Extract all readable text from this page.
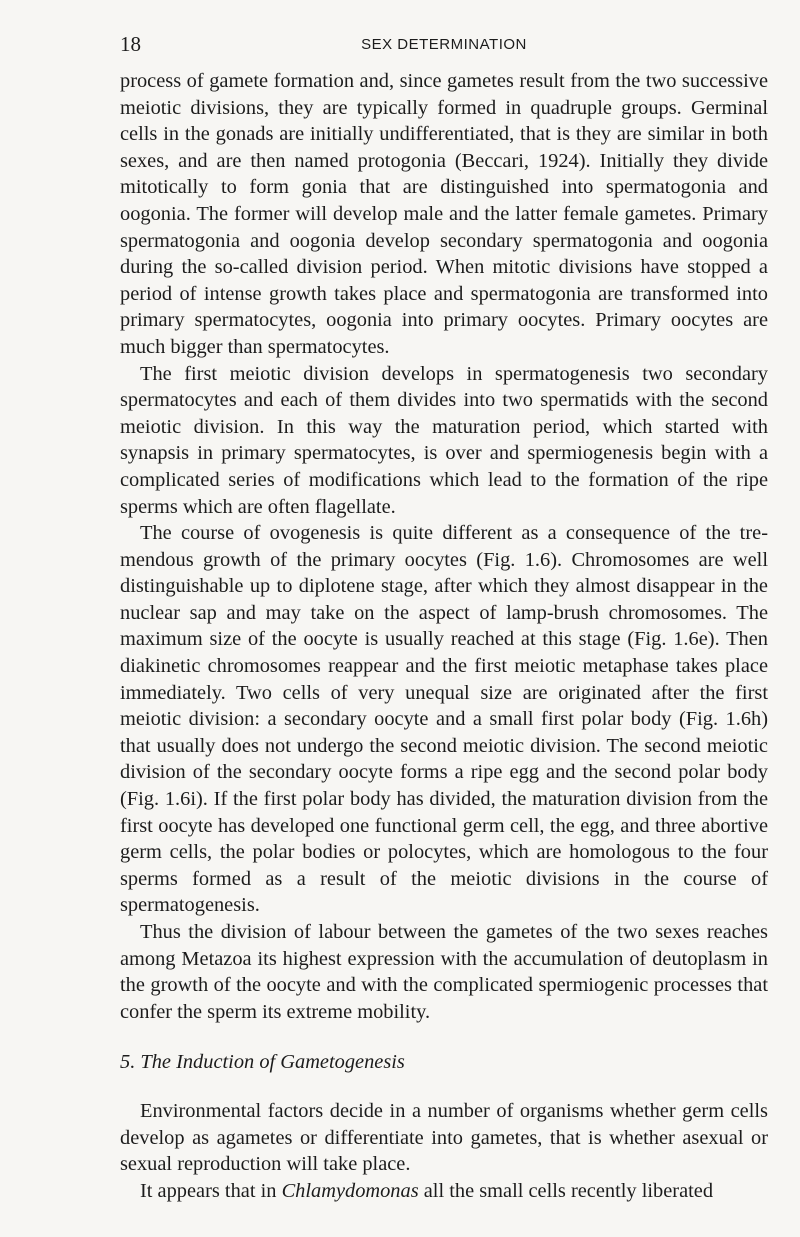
18	SEX DETERMINATION

process of gamete formation and, since gametes result from the two successive meiotic divisions, they are typically formed in quadruple groups. Germinal cells in the gonads are initially undifferentiated, that is they are similar in both sexes, and are then named protogonia (Beccari, 1924). Initially they divide mitotically to form gonia that are distinguished into spermatogonia and oogonia. The former will develop male and the latter female gametes. Primary spermatogonia and oogonia develop secondary spermatogonia and oogonia during the so-called division period. When mitotic divisions have stopped a period of intense growth takes place and spermatogonia are transformed into primary spermatocytes, oogonia into primary oocytes. Primary oocytes are much bigger than spermatocytes.

The first meiotic division develops in spermatogenesis two secondary spermatocytes and each of them divides into two spermatids with the second meiotic division. In this way the maturation period, which started with synapsis in primary spermatocytes, is over and spermiogenesis begin with a complicated series of modifications which lead to the formation of the ripe sperms which are often flagellate.

The course of ovogenesis is quite different as a consequence of the tremendous growth of the primary oocytes (Fig. 1.6). Chromosomes are well distinguishable up to diplotene stage, after which they almost disappear in the nuclear sap and may take on the aspect of lamp-brush chromosomes. The maximum size of the oocyte is usually reached at this stage (Fig. 1.6e). Then diakinetic chromosomes reappear and the first meiotic metaphase takes place immediately. Two cells of very unequal size are originated after the first meiotic division: a secondary oocyte and a small first polar body (Fig. 1.6h) that usually does not undergo the second meiotic division. The second meiotic division of the secondary oocyte forms a ripe egg and the second polar body (Fig. 1.6i). If the first polar body has divided, the maturation division from the first oocyte has developed one functional germ cell, the egg, and three abortive germ cells, the polar bodies or polocytes, which are homologous to the four sperms formed as a result of the meiotic divisions in the course of spermatogenesis.

Thus the division of labour between the gametes of the two sexes reaches among Metazoa its highest expression with the accumulation of deutoplasm in the growth of the oocyte and with the complicated spermiogenic processes that confer the sperm its extreme mobility.

5. The Induction of Gametogenesis

Environmental factors decide in a number of organisms whether germ cells develop as agametes or differentiate into gametes, that is whether asexual or sexual reproduction will take place.

It appears that in Chlamydomonas all the small cells recently liberated
